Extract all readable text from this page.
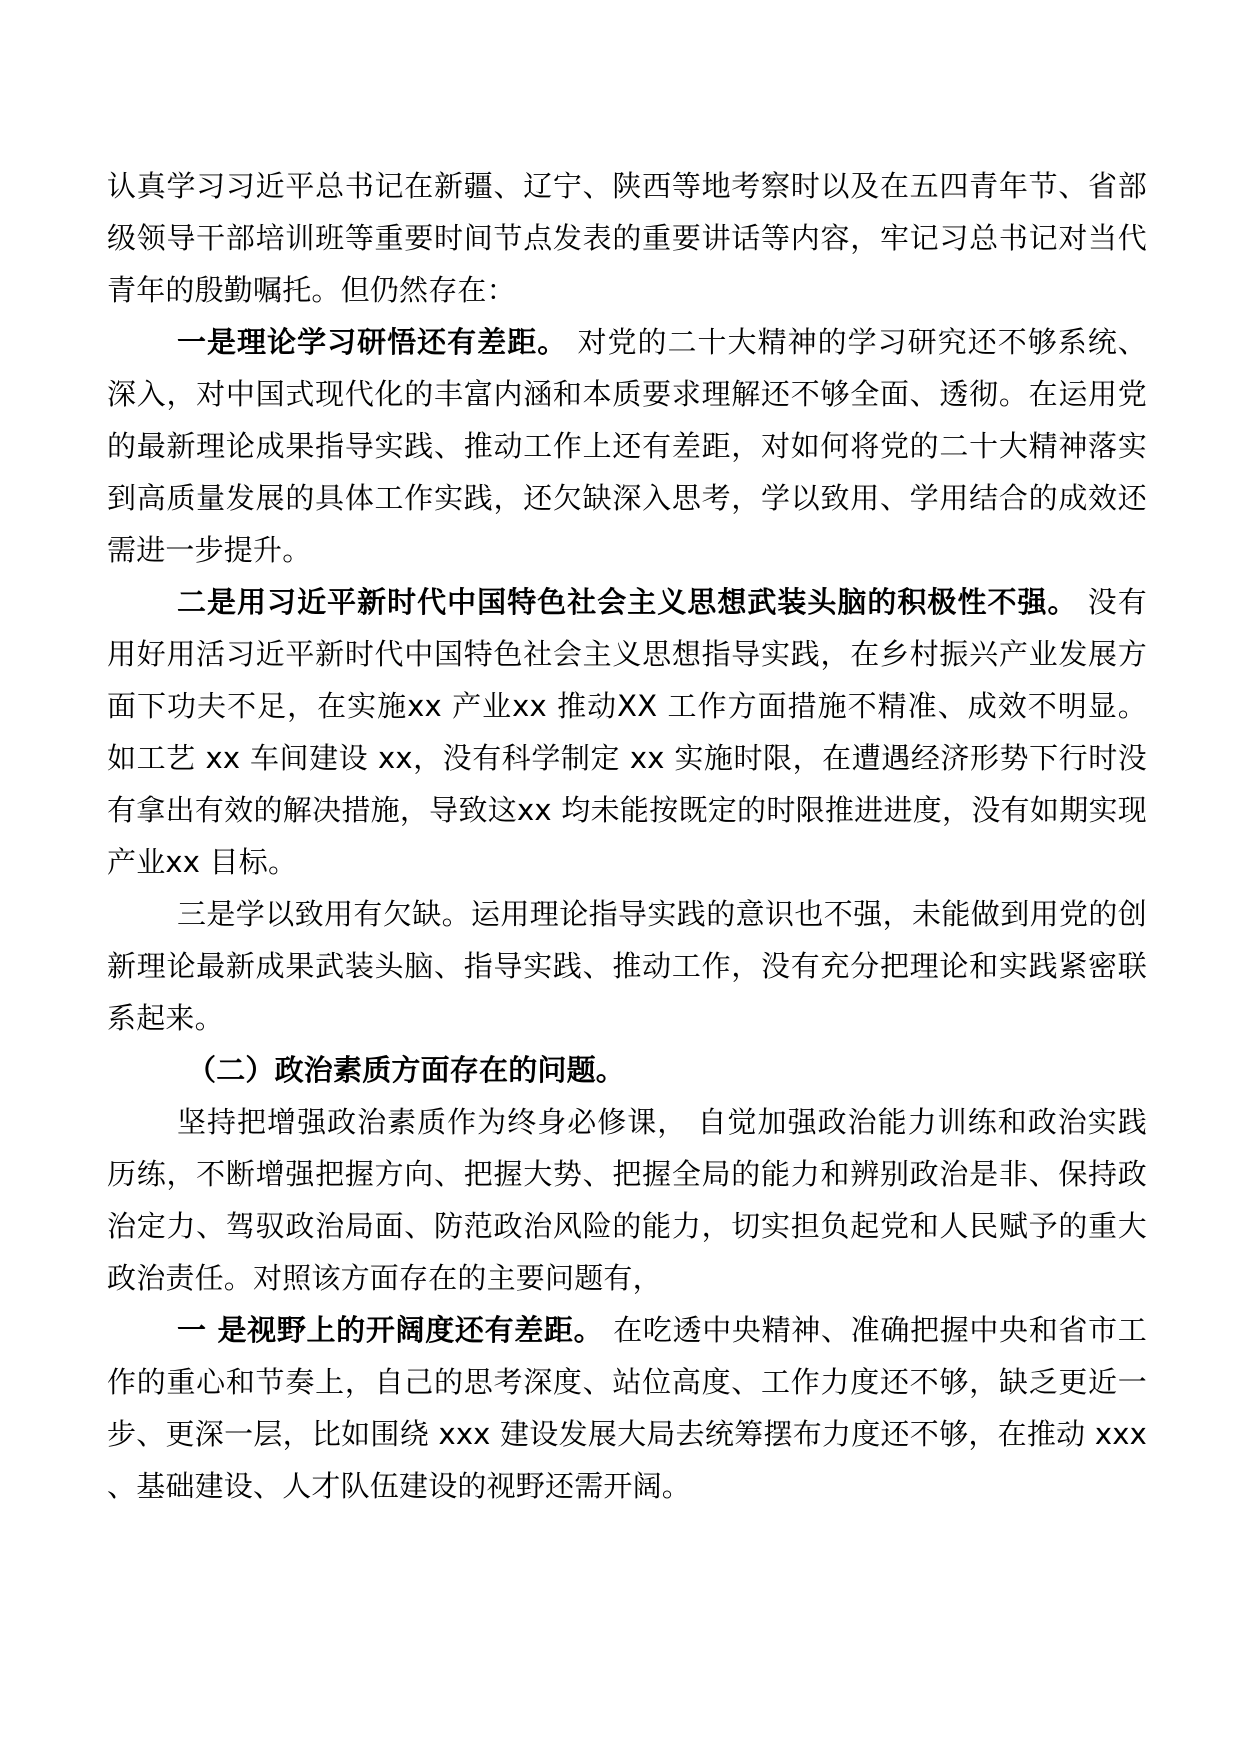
认真学习习近平总书记在新疆、辽宁、陕西等地考察时以及在五四青年节、省部级领导干部培训班等重要时间节点发表的重要讲话等内容，牢记习总书记对当代青年的殷勤嘱托。但仍然存在：

一是理论学习研悟还有差距。 对党的二十大精神的学习研究还不够系统、深入，对中国式现代化的丰富内涵和本质要求理解还不够全面、透彻。在运用党的最新理论成果指导实践、推动工作上还有差距，对如何将党的二十大精神落实到高质量发展的具体工作实践，还欠缺深入思考，学以致用、学用结合的成效还需进一步提升。

二是用习近平新时代中国特色社会主义思想武装头脑的积极性不强。 没有用好用活习近平新时代中国特色社会主义思想指导实践，在乡村振兴产业发展方面下功夫不足，在实施xx 产业xx 推动XX 工作方面措施不精准、成效不明显。如工艺 xx 车间建设 xx，没有科学制定 xx 实施时限，在遭遇经济形势下行时没有拿出有效的解决措施，导致这xx 均未能按既定的时限推进进度，没有如期实现产业xx 目标。

三是学以致用有欠缺。运用理论指导实践的意识也不强，未能做到用党的创新理论最新成果武装头脑、指导实践、推动工作，没有充分把理论和实践紧密联系起来。

（二）政治素质方面存在的问题。

坚持把增强政治素质作为终身必修课， 自觉加强政治能力训练和政治实践历练，不断增强把握方向、把握大势、把握全局的能力和辨别政治是非、保持政治定力、驾驭政治局面、防范政治风险的能力，切实担负起党和人民赋予的重大政治责任。对照该方面存在的主要问题有，

一 是视野上的开阔度还有差距。 在吃透中央精神、准确把握中央和省市工作的重心和节奏上，自己的思考深度、站位高度、工作力度还不够，缺乏更近一步、更深一层，比如围绕 xxx 建设发展大局去统筹摆布力度还不够，在推动 xxx 、基础建设、人才队伍建设的视野还需开阔。
